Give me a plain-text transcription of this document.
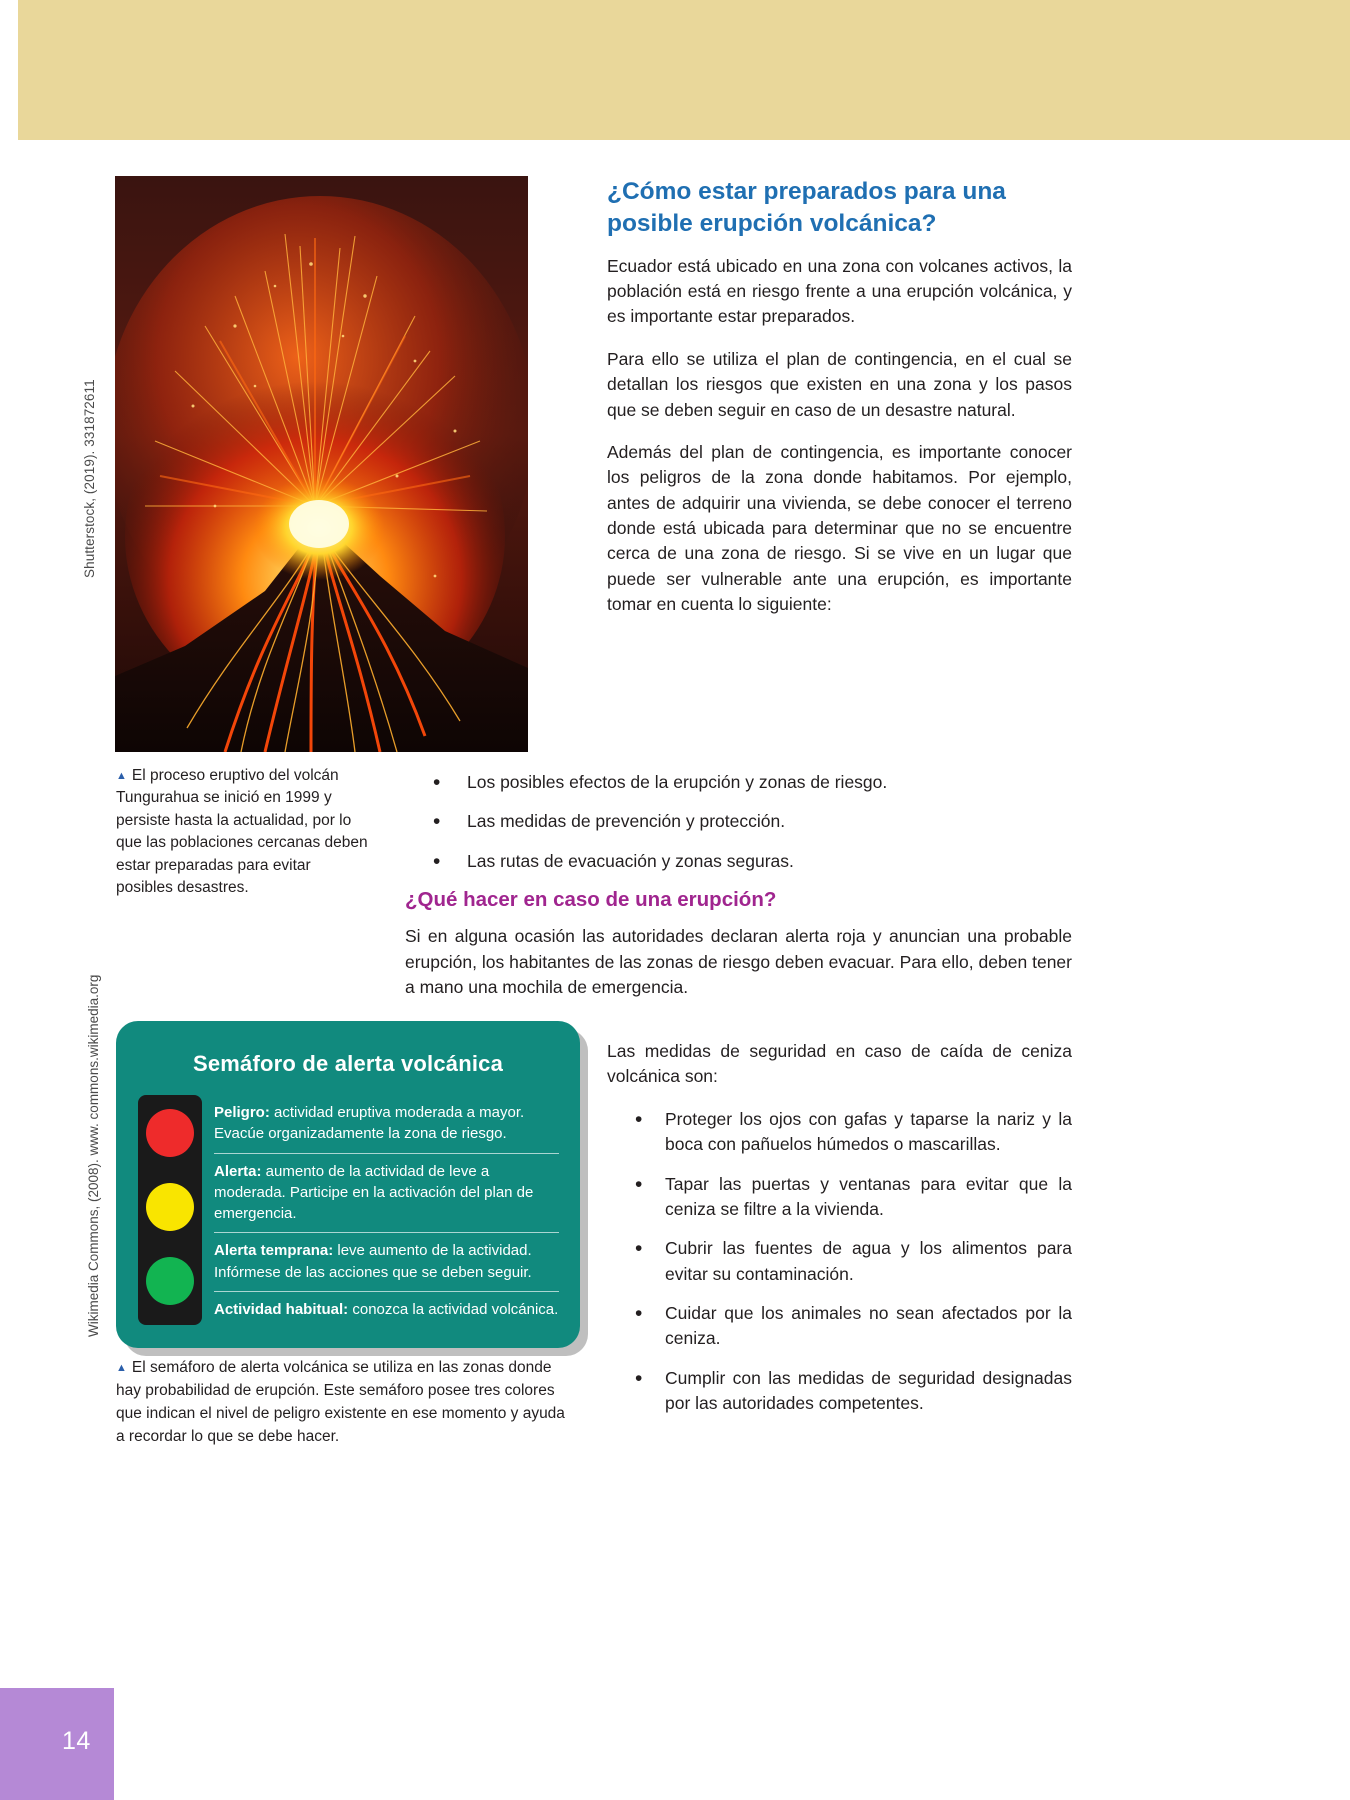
14
Shutterstock, (2019). 331872611
▲ El proceso eruptivo del volcán Tungurahua se inició en 1999 y persiste hasta la actualidad, por lo que las poblaciones cercanas deben estar preparadas para evitar posibles desastres.
Wikimedia Commons, (2008). www. commons.wikimedia.org	Semáforo de alerta volcánica
Peligro: actividad eruptiva moderada a mayor. Evacúe organizadamente la zona de riesgo.
Alerta: aumento de la actividad de leve a moderada. Participe en la activación del plan de emergencia.
Alerta temprana: leve aumento de la actividad. Infórmese de las acciones que se deben seguir.
Actividad habitual: conozca la actividad volcánica.
▲ El semáforo de alerta volcánica se utiliza en las zonas donde hay probabilidad de erupción. Este semáforo posee tres colores que indican el nivel de peligro existente en ese momento y ayuda a recordar lo que se debe hacer.
¿Cómo estar preparados para una posible erupción volcánica?

Ecuador está ubicado en una zona con volcanes activos, la población está en riesgo frente a una erupción volcánica, y es importante estar preparados.

Para ello se utiliza el plan de contingencia, en el cual se detallan los riesgos que existen en una zona y los pasos que se deben seguir en caso de un desastre natural.

Además del plan de contingencia, es importante conocer los peligros de la zona donde habitamos. Por ejemplo, antes de adquirir una vivienda, se debe conocer el terreno donde está ubicada para determinar que no se encuentre cerca de una zona de riesgo. Si se vive en un lugar que puede ser vulnerable ante una erupción, es importante tomar en cuenta lo siguiente:

• Los posibles efectos de la erupción y zonas de riesgo.
• Las medidas de prevención y protección.
• Las rutas de evacuación y zonas seguras.
¿Qué hacer en caso de una erupción?

Si en alguna ocasión las autoridades declaran alerta roja y anuncian una probable erupción, los habitantes de las zonas de riesgo deben evacuar. Para ello, deben tener a mano una mochila de emergencia.

Las medidas de seguridad en caso de caída de ceniza volcánica son:

• Proteger los ojos con gafas y taparse la nariz y la boca con pañuelos húmedos o mascarillas.
• Tapar las puertas y ventanas para evitar que la ceniza se filtre a la vivienda.
• Cubrir las fuentes de agua y los alimentos para evitar su contaminación.
• Cuidar que los animales no sean afectados por la ceniza.
• Cumplir con las medidas de seguridad designadas por las autoridades competentes.
